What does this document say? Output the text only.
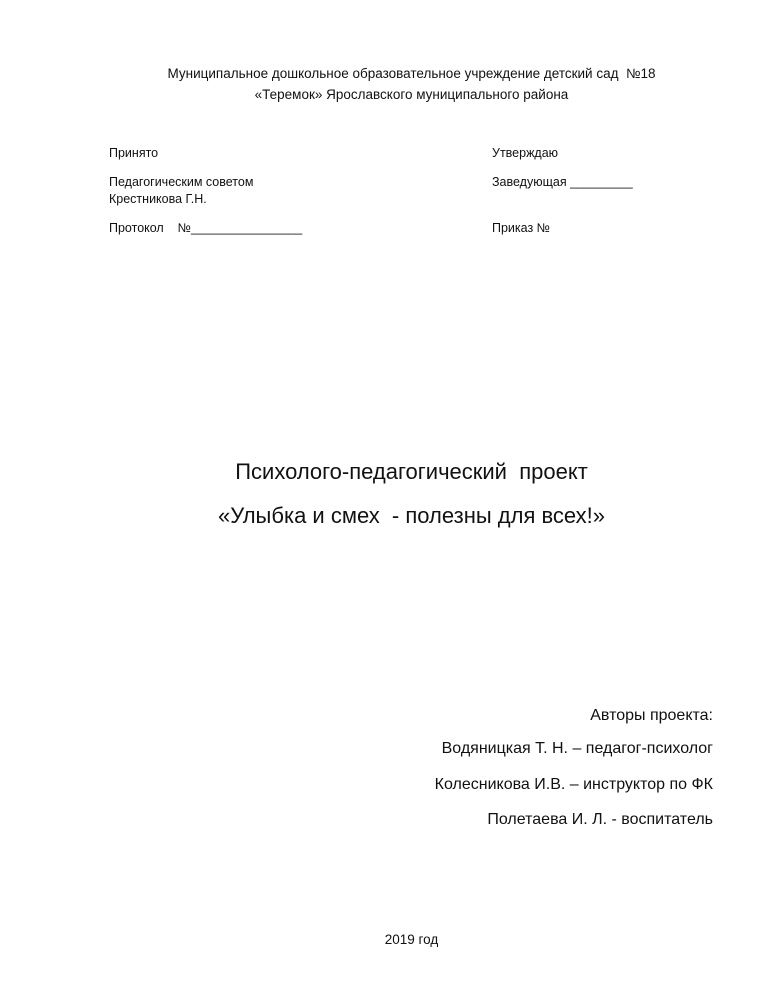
Муниципальное дошкольное образовательное учреждение детский сад  №18
«Теремок» Ярославского муниципального района
Принято
Педагогическим советом
Крестникова Г.Н.
Протокол    №________________
Утверждаю
Заведующая _________
Приказ №
Психолого-педагогический  проект
«Улыбка и смех  - полезны для всех!»
Авторы проекта:
Водяницкая Т. Н. – педагог-психолог
Колесникова И.В. – инструктор по ФК
Полетаева И. Л. - воспитатель
2019 год
